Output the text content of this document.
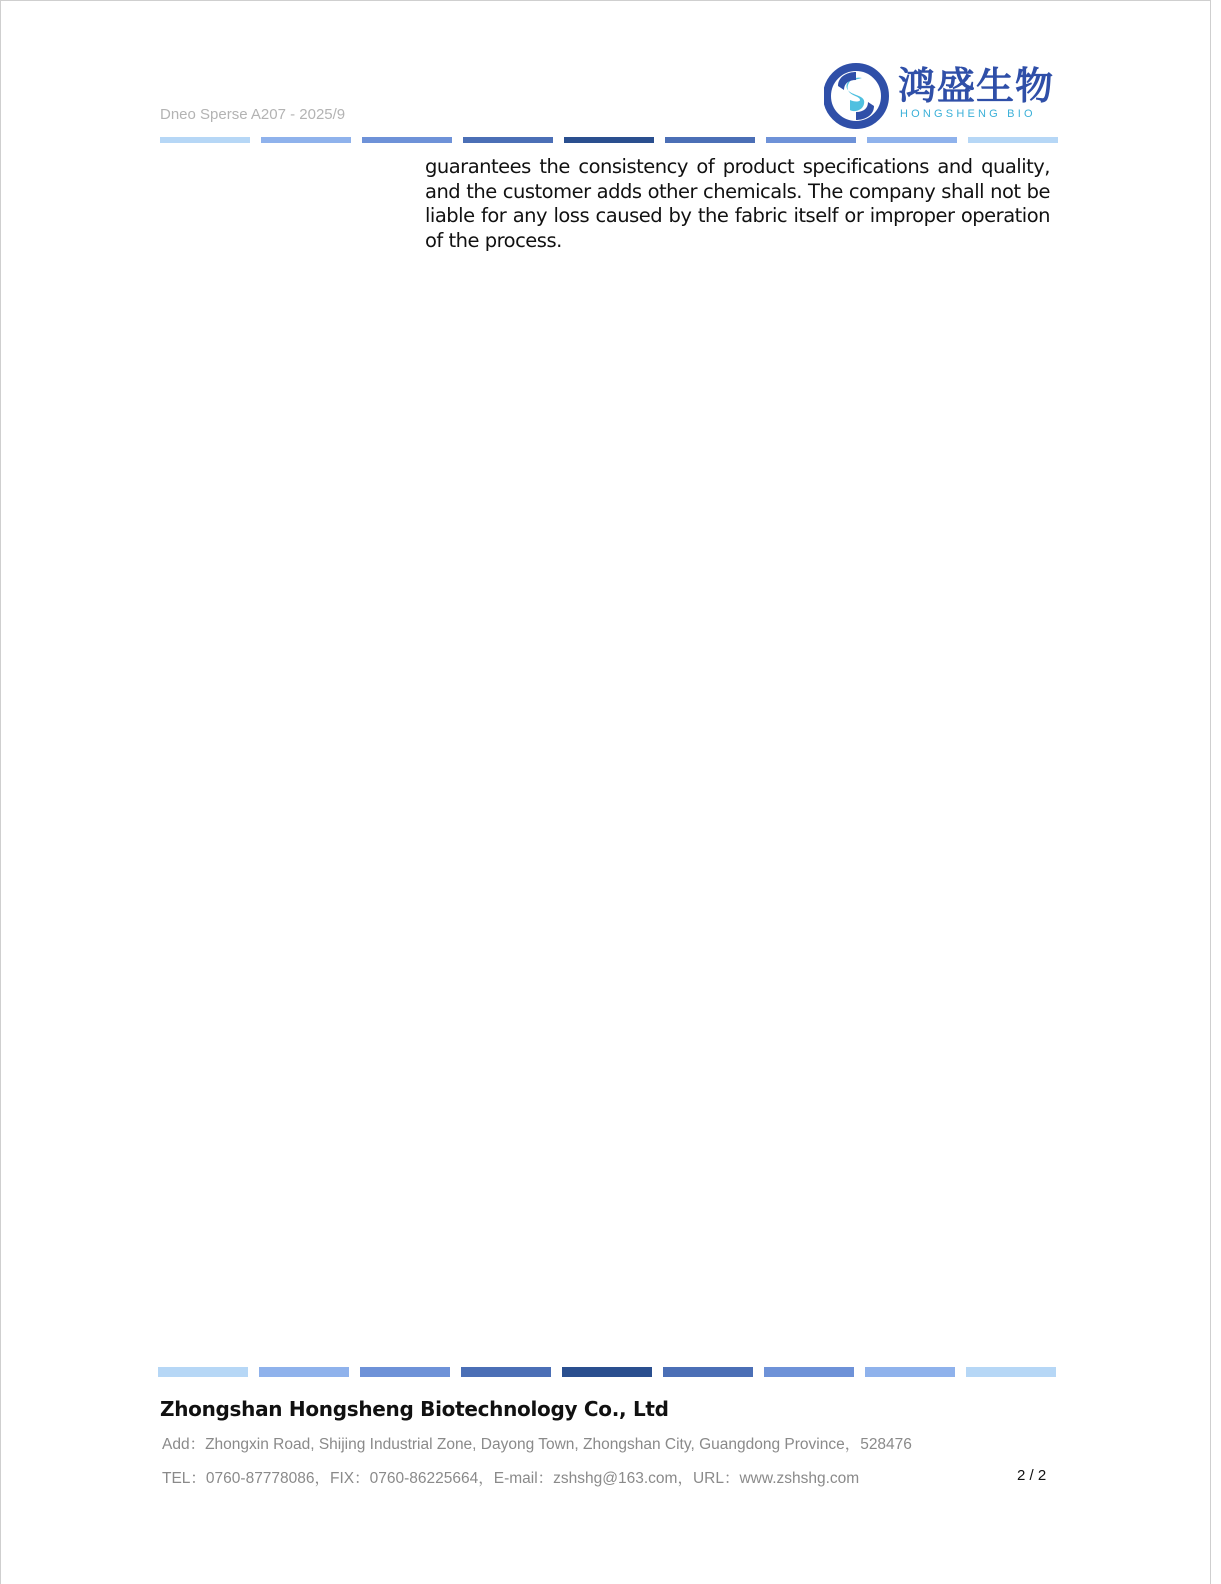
Dneo Sperse A207 - 2025/9
鸿盛生物
HONGSHENG BIO
guarantees the consistency of product specifications and quality, and the customer adds other chemicals. The company shall not be liable for any loss caused by the fabric itself or improper operation of the process.
Zhongshan Hongsheng Biotechnology Co., Ltd
Add：Zhongxin Road, Shijing Industrial Zone, Dayong Town, Zhongshan City, Guangdong Province，528476
TEL：0760-87778086，FIX：0760-86225664，E-mail：zshshg@163.com，URL：www.zshshg.com	2 / 2
